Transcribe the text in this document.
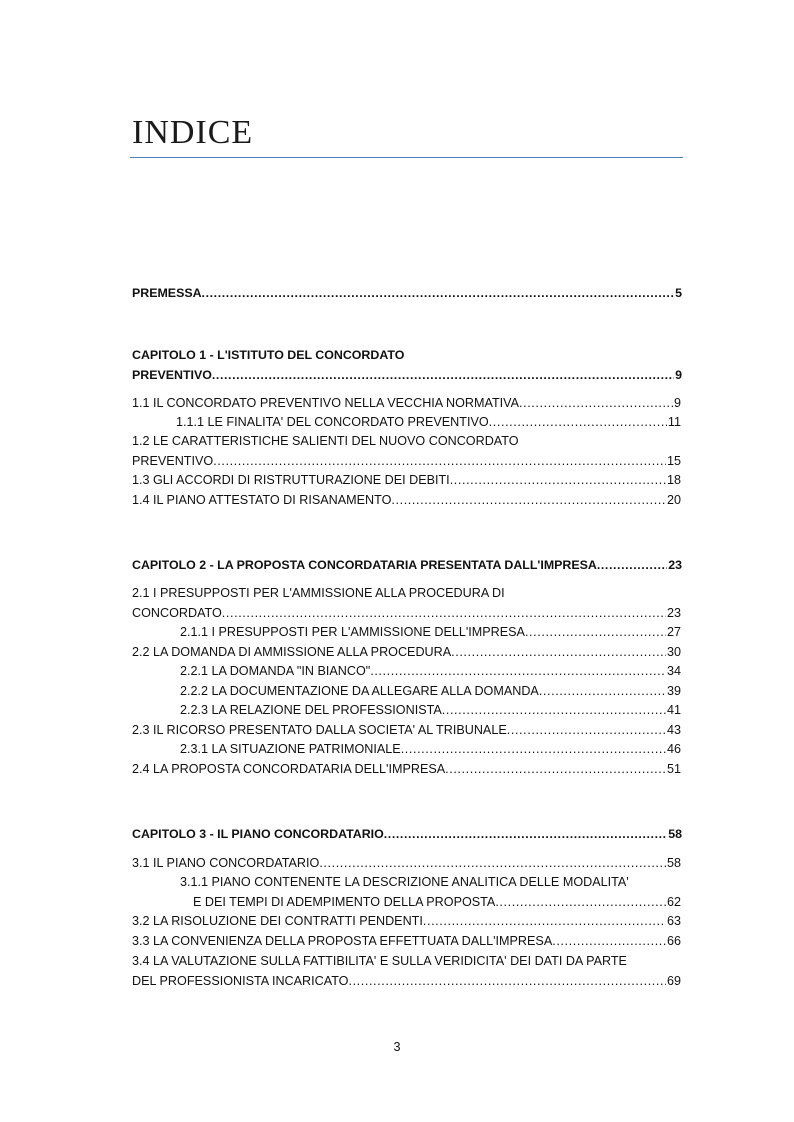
INDICE
PREMESSA .....	5
CAPITOLO 1 - L'ISTITUTO DEL CONCORDATO
PREVENTIVO .....	9
1.1 IL CONCORDATO PREVENTIVO NELLA VECCHIA NORMATIVA .....	9
1.1.1 LE FINALITA' DEL CONCORDATO PREVENTIVO .....	11
1.2 LE CARATTERISTICHE SALIENTI DEL NUOVO CONCORDATO
PREVENTIVO .....	15
1.3 GLI ACCORDI DI RISTRUTTURAZIONE DEI DEBITI .....	18
1.4 IL PIANO ATTESTATO DI RISANAMENTO .....	20
CAPITOLO 2 - LA PROPOSTA CONCORDATARIA PRESENTATA DALL'IMPRESA .....	23
2.1 I PRESUPPOSTI PER L'AMMISSIONE ALLA PROCEDURA DI
CONCORDATO .....	23
2.1.1 I PRESUPPOSTI PER L'AMMISSIONE DELL'IMPRESA .....	27
2.2 LA DOMANDA DI AMMISSIONE ALLA PROCEDURA .....	30
2.2.1 LA DOMANDA "IN BIANCO" .....	34
2.2.2 LA DOCUMENTAZIONE DA ALLEGARE ALLA DOMANDA .....	39
2.2.3 LA RELAZIONE DEL PROFESSIONISTA .....	41
2.3 IL RICORSO PRESENTATO DALLA SOCIETA' AL TRIBUNALE .....	43
2.3.1 LA SITUAZIONE PATRIMONIALE .....	46
2.4 LA PROPOSTA CONCORDATARIA DELL'IMPRESA .....	51
CAPITOLO 3 - IL PIANO CONCORDATARIO .....	58
3.1 IL PIANO CONCORDATARIO .....	58
3.1.1 PIANO CONTENENTE LA DESCRIZIONE ANALITICA DELLE MODALITA'
E DEI TEMPI DI ADEMPIMENTO DELLA PROPOSTA .....	62
3.2 LA RISOLUZIONE DEI CONTRATTI PENDENTI .....	63
3.3 LA CONVENIENZA DELLA PROPOSTA EFFETTUATA DALL'IMPRESA .....	66
3.4 LA VALUTAZIONE SULLA FATTIBILITA' E SULLA VERIDICITA' DEI DATI DA PARTE
DEL PROFESSIONISTA INCARICATO .....	69
3
